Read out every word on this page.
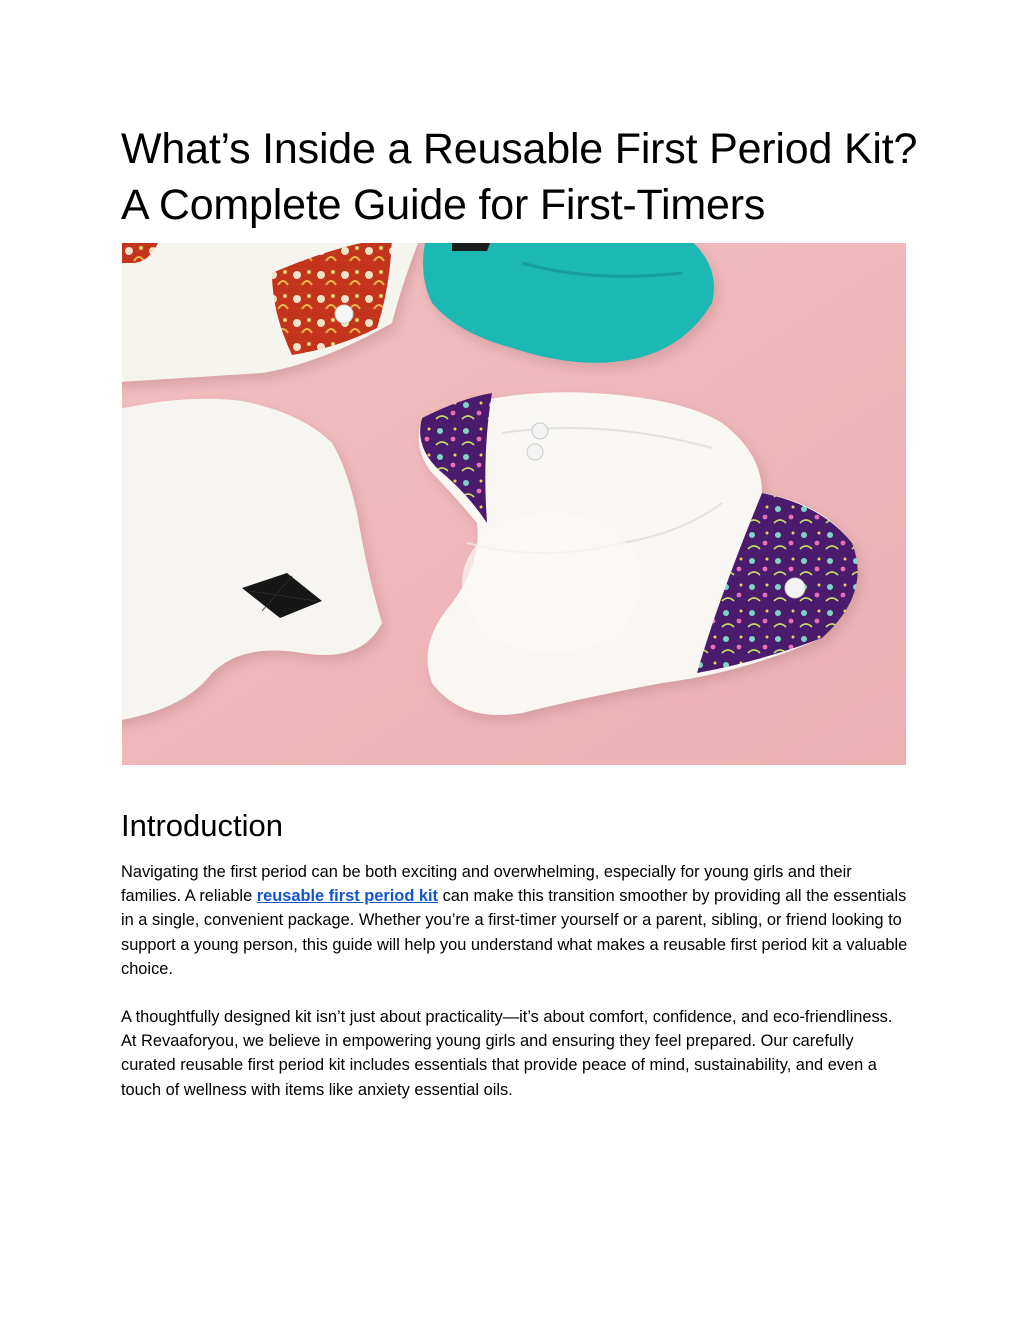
What’s Inside a Reusable First Period Kit? A Complete Guide for First-Timers
Introduction

Navigating the first period can be both exciting and overwhelming, especially for young girls and their families. A reliable reusable first period kit can make this transition smoother by providing all the essentials in a single, convenient package. Whether you’re a first-timer yourself or a parent, sibling, or friend looking to support a young person, this guide will help you understand what makes a reusable first period kit a valuable choice.

A thoughtfully designed kit isn’t just about practicality—it’s about comfort, confidence, and eco-friendliness. At Revaaforyou, we believe in empowering young girls and ensuring they feel prepared. Our carefully curated reusable first period kit includes essentials that provide peace of mind, sustainability, and even a touch of wellness with items like anxiety essential oils.
